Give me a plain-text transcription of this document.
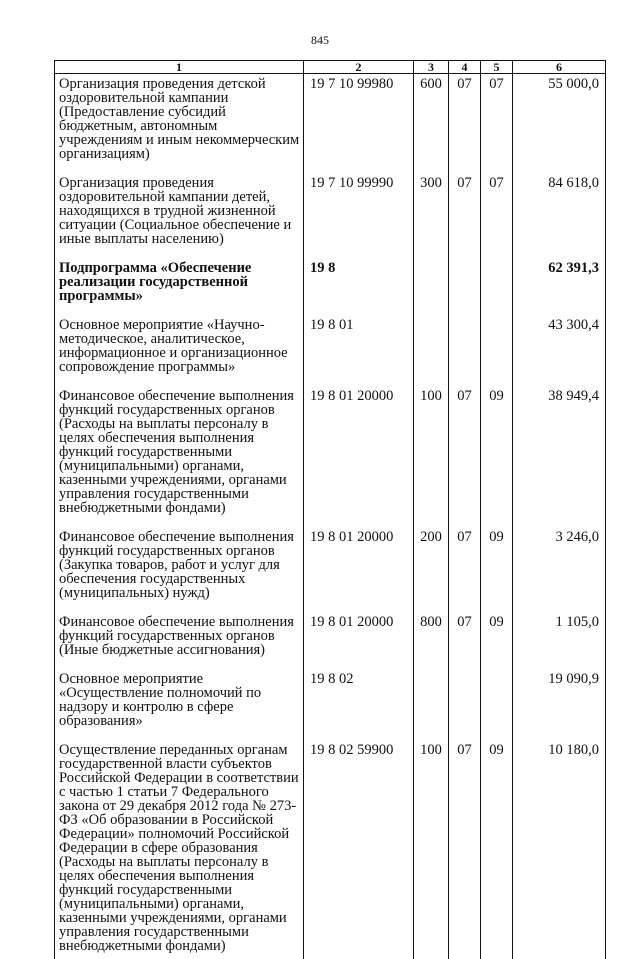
845
1	2	3	4	5	6
Организация проведения детской оздоровительной кампании (Предоставление субсидий бюджетным, автономным учреждениям и иным некоммерческим организациям)	19 7 10 99980	600	07	07	55 000,0
Организация проведения оздоровительной кампании детей, находящихся в трудной жизненной ситуации (Социальное обеспечение и иные выплаты населению)	19 7 10 99990	300	07	07	84 618,0
Подпрограмма «Обеспечение реализации государственной программы»	19 8				62 391,3
Основное мероприятие «Научно-методическое, аналитическое, информационное и организационное сопровождение программы»	19 8 01				43 300,4
Финансовое обеспечение выполнения функций государственных органов (Расходы на выплаты персоналу в целях обеспечения выполнения функций государственными (муниципальными) органами, казенными учреждениями, органами управления государственными внебюджетными фондами)	19 8 01 20000	100	07	09	38 949,4
Финансовое обеспечение выполнения функций государственных органов (Закупка товаров, работ и услуг для обеспечения государственных (муниципальных) нужд)	19 8 01 20000	200	07	09	3 246,0
Финансовое обеспечение выполнения функций государственных органов (Иные бюджетные ассигнования)	19 8 01 20000	800	07	09	1 105,0
Основное мероприятие «Осуществление полномочий по надзору и контролю в сфере образования»	19 8 02				19 090,9
Осуществление переданных органам государственной власти субъектов Российской Федерации в соответствии с частью 1 статьи 7 Федерального закона от 29 декабря 2012 года № 273-ФЗ «Об образовании в Российской Федерации» полномочий Российской Федерации в сфере образования (Расходы на выплаты персоналу в целях обеспечения выполнения функций государственными (муниципальными) органами, казенными учреждениями, органами управления государственными внебюджетными фондами)	19 8 02 59900	100	07	09	10 180,0
